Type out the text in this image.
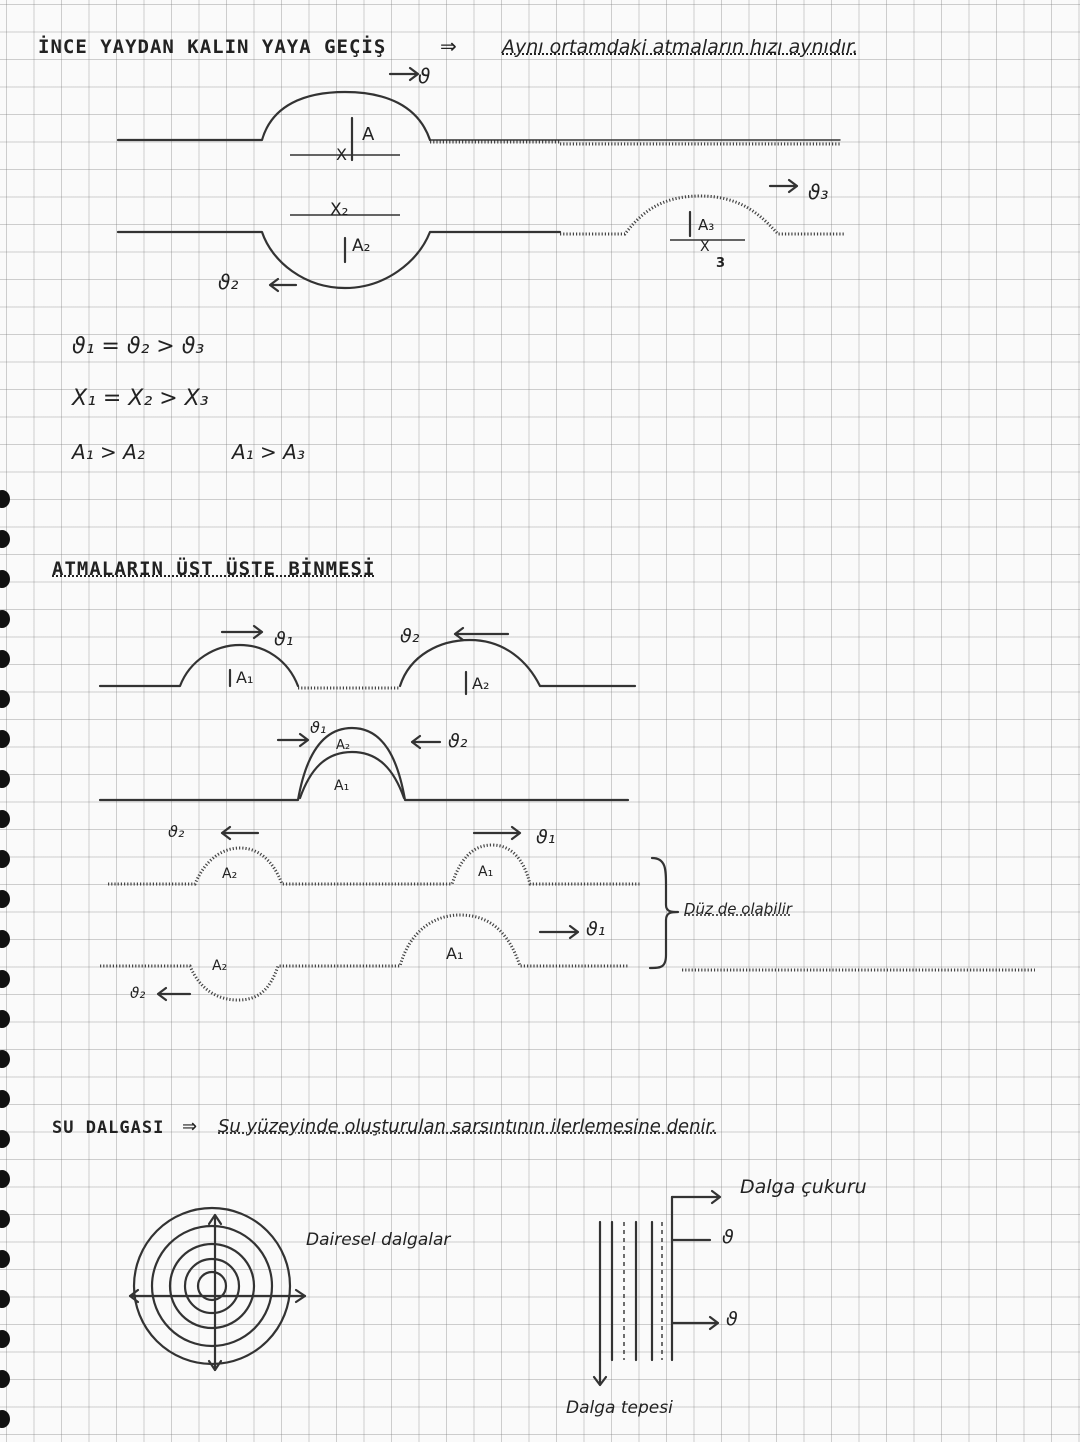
İNCE YAYDAN KALIN YAYA GEÇİŞ	⇒ Aynı ortamdaki atmaların hızı aynıdır.
ϑ
A
X
X₂
A₂
A₃
X
3
ϑ₂
ϑ₃
ϑ₁ = ϑ₂ > ϑ₃
X₁ = X₂ > X₃
A₁ > A₂	A₁ > A₃
ATMALARIN ÜST ÜSTE BİNMESİ
ϑ₁
A₁
ϑ₂
A₂
ϑ₁
A₂
A₁
ϑ₂
ϑ₂
A₂
ϑ₁
A₁
ϑ₂
A₂
A₁
ϑ₁
Düz de olabilir
SU DALGASI ⇒ Su yüzeyinde oluşturulan sarsıntının ilerlemesine denir.
Dalga çukuru
Dairesel dalgalar	ϑ
ϑ
Dalga tepesi
